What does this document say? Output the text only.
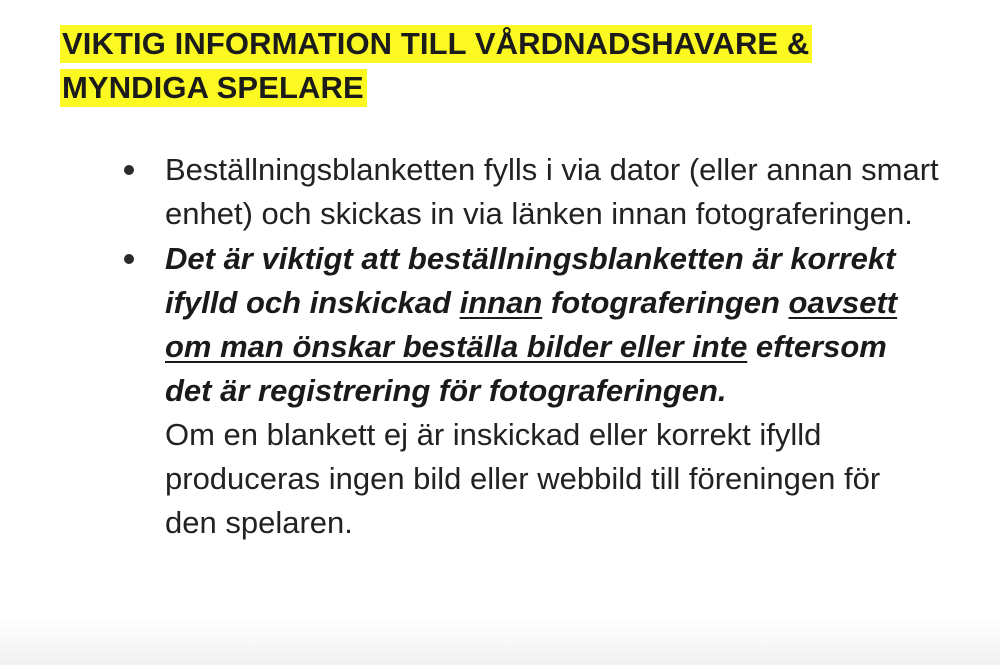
VIKTIG INFORMATION TILL VÅRDNADSHAVARE &
MYNDIGA SPELARE
Beställningsblanketten fylls i via dator (eller annan smart enhet) och skickas in via länken innan fotograferingen.
Det är viktigt att beställningsblanketten är korrekt ifylld och inskickad innan fotograferingen oavsett om man önskar beställa bilder eller inte eftersom det är registrering för fotograferingen.
Om en blankett ej är inskickad eller korrekt ifylld produceras ingen bild eller webbild till föreningen för den spelaren.
